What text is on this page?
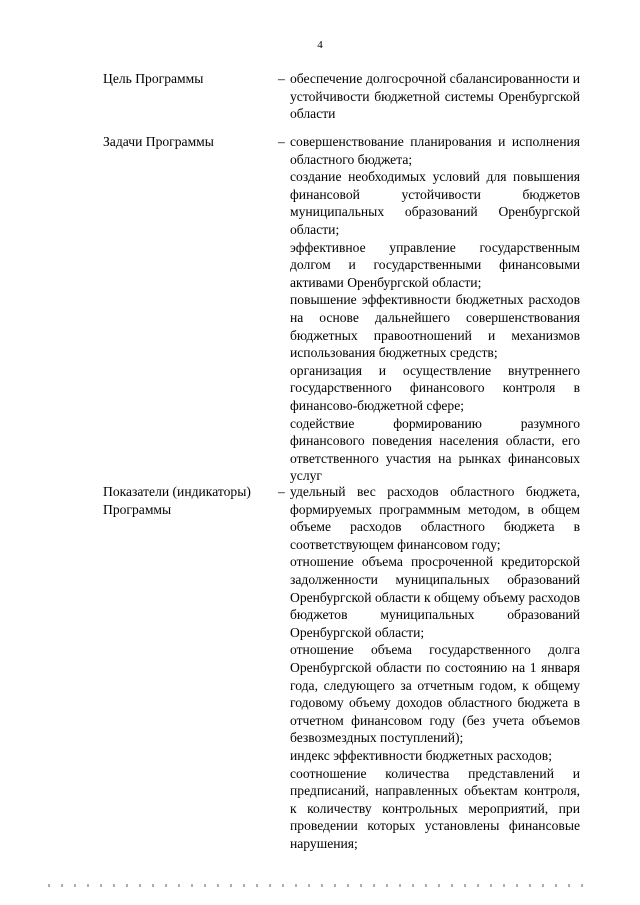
4
Цель Программы	– обеспечение долгосрочной сбалансированности и устойчивости бюджетной системы Оренбургской области

Задачи Программы	– совершенствование планирования и исполнения областного бюджета;

создание необходимых условий для повышения финансовой устойчивости бюджетов муниципальных образований Оренбургской области;

эффективное управление государственным долгом и государственными финансовыми активами Оренбургской области;

повышение эффективности бюджетных расходов на основе дальнейшего совершенствования бюджетных правоотношений и механизмов использования бюджетных средств;

организация и осуществление внутреннего государственного финансового контроля в финансово-бюджетной сфере;

содействие формированию разумного финансового поведения населения области, его ответственного участия на рынках финансовых услуг

Показатели (индикаторы) Программы
– удельный вес расходов областного бюджета, формируемых программным методом, в общем объеме расходов областного бюджета в соответствующем финансовом году;

отношение объема просроченной кредиторской задолженности муниципальных образований Оренбургской области к общему объему расходов бюджетов муниципальных образований Оренбургской области;

отношение объема государственного долга Оренбургской области по состоянию на 1 января года, следующего за отчетным годом, к общему годовому объему доходов областного бюджета в отчетном финансовом году (без учета объемов безвозмездных поступлений);

индекс эффективности бюджетных расходов;

соотношение количества представлений и предписаний, направленных объектам контроля, к количеству контрольных мероприятий, при проведении которых установлены финансовые нарушения;
